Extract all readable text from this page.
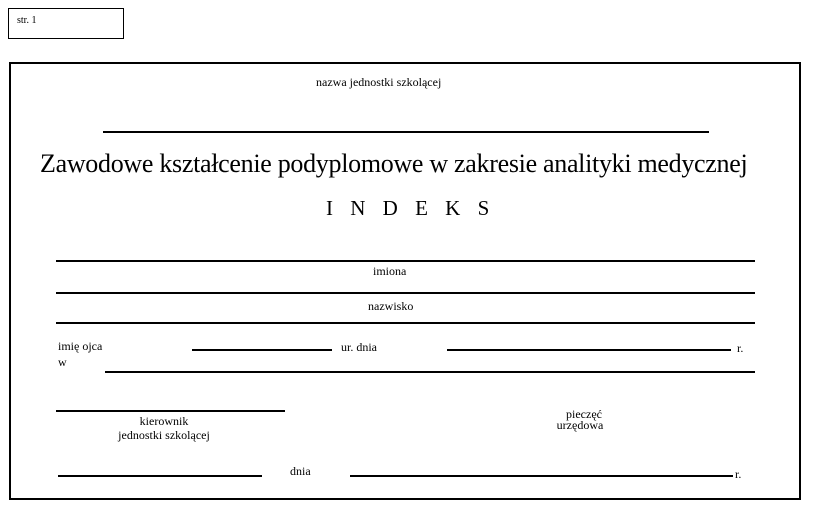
str. 1
nazwa jednostki szkolącej
Zawodowe kształcenie podyplomowe w zakresie analityki medycznej
I N D E K S
imiona
nazwisko
imię ojca	ur. dnia	r.
w
kierownik
jednostki szkolącej
pieczęć
urzędowa
dnia	r.
